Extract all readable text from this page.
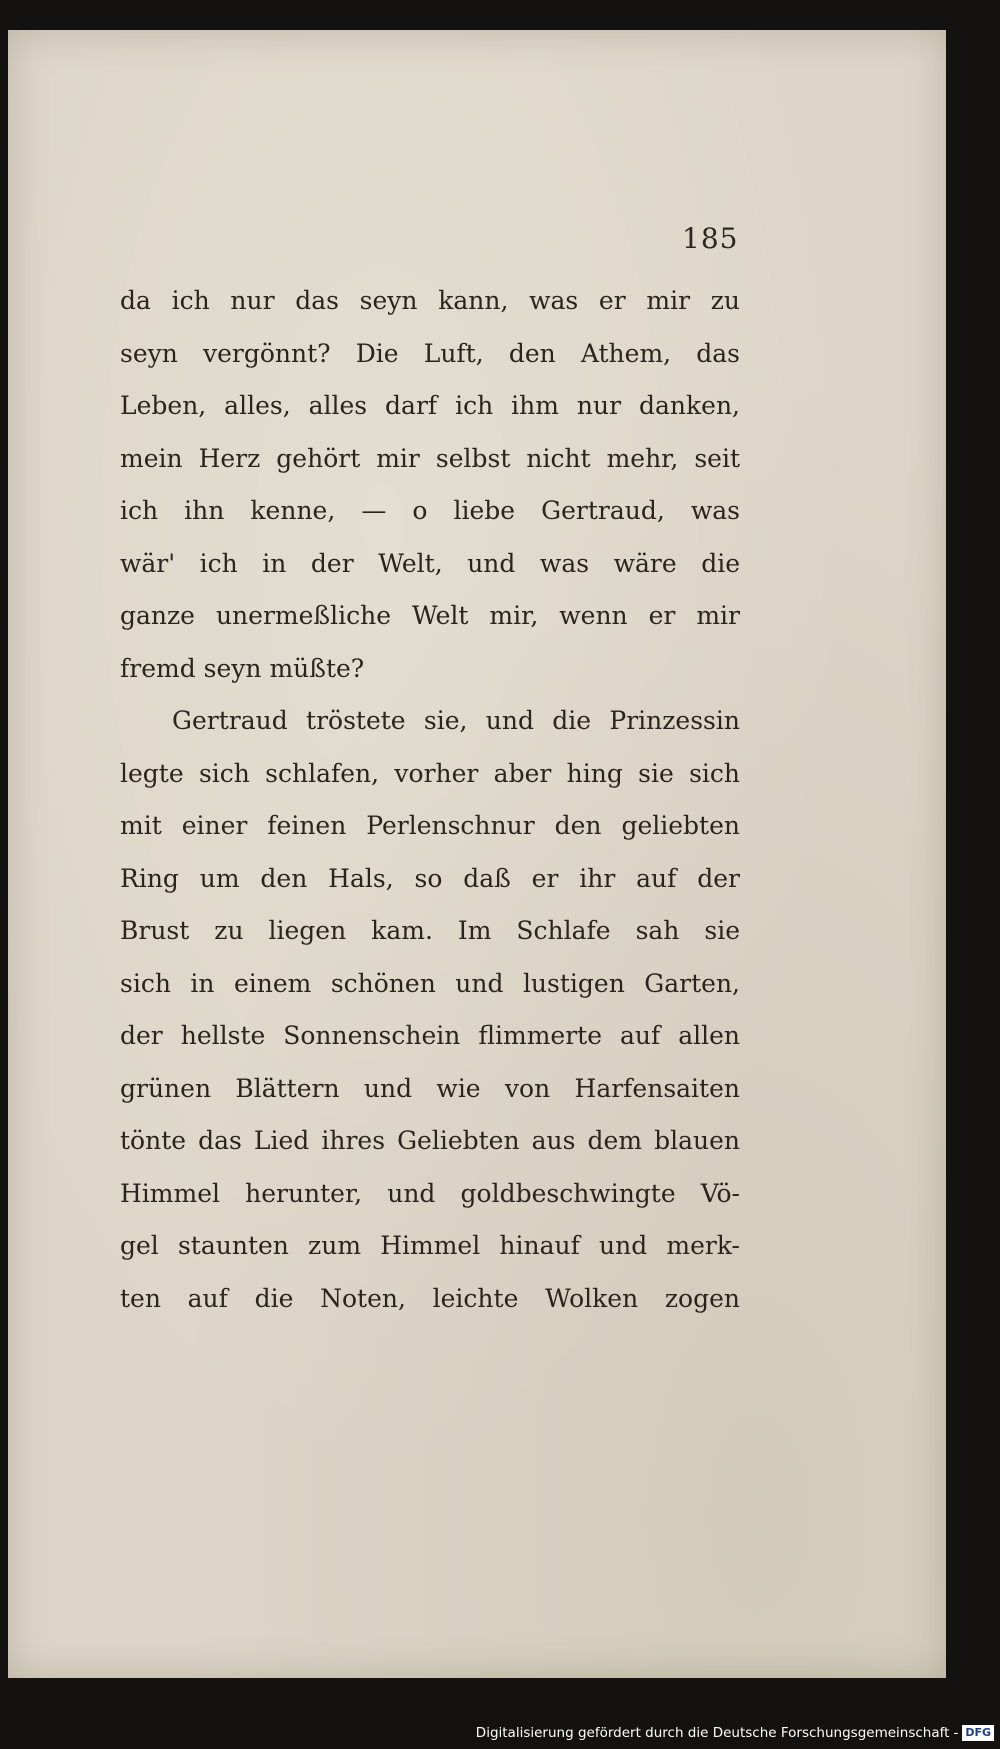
185
da ich nur das seyn kann, was er mir zu
seyn vergönnt? Die Luft, den Athem, das
Leben, alles, alles darf ich ihm nur danken,
mein Herz gehört mir selbst nicht mehr, seit
ich ihn kenne, — o liebe Gertraud, was
wär' ich in der Welt, und was wäre die
ganze unermeßliche Welt mir, wenn er mir
fremd seyn müßte?
Gertraud tröstete sie, und die Prinzessin
legte sich schlafen, vorher aber hing sie sich
mit einer feinen Perlenschnur den geliebten
Ring um den Hals, so daß er ihr auf der
Brust zu liegen kam. Im Schlafe sah sie
sich in einem schönen und lustigen Garten,
der hellste Sonnenschein flimmerte auf allen
grünen Blättern und wie von Harfensaiten
tönte das Lied ihres Geliebten aus dem blauen
Himmel herunter, und goldbeschwingte Vö-
gel staunten zum Himmel hinauf und merk-
ten auf die Noten, leichte Wolken zogen
Digitalisierung gefördert durch die Deutsche Forschungsgemeinschaft - DFG
